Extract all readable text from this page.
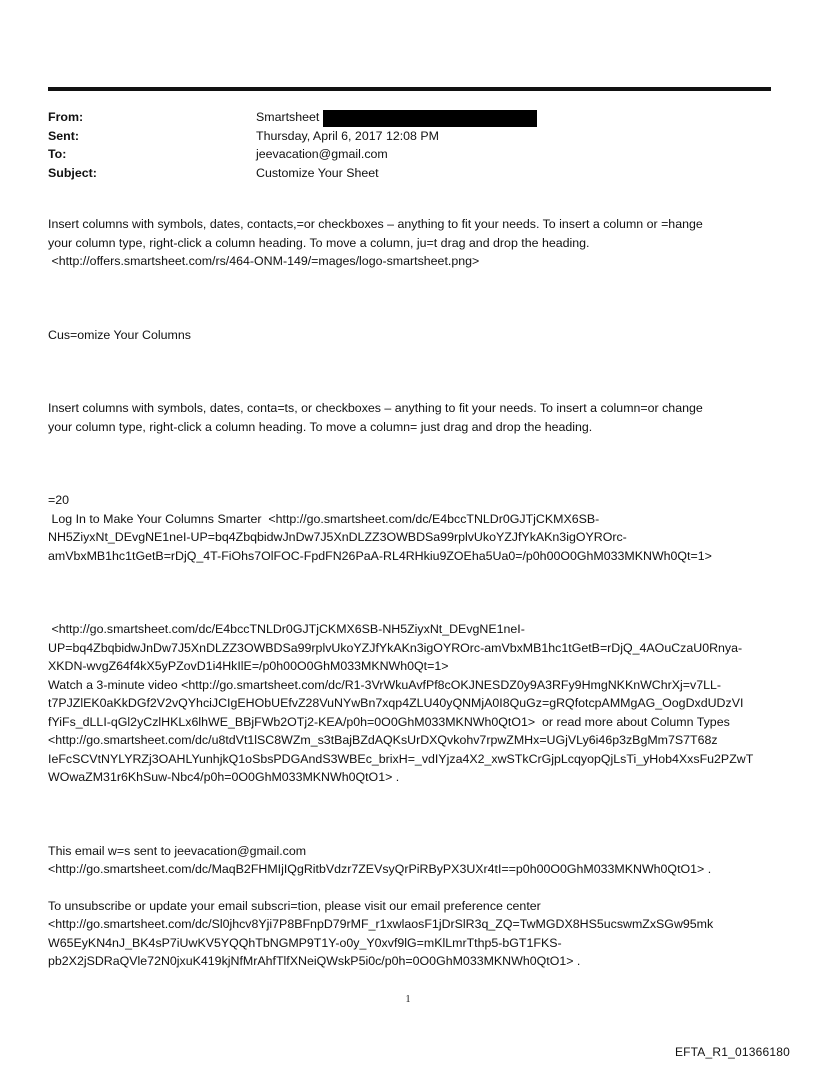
From:	Smartsheet
Sent:	Thursday, April 6, 2017 12:08 PM
To:	jeevacation@gmail.com
Subject:	Customize Your Sheet

Insert columns with symbols, dates, contacts,=or checkboxes – anything to fit your needs. To insert a column or =hange

your column type, right-click a column heading. To move a column, ju=t drag and drop the heading.

<http://offers.smartsheet.com/rs/464-ONM-149/=mages/logo-smartsheet.png>

Cus=omize Your Columns

Insert columns with symbols, dates, conta=ts, or checkboxes – anything to fit your needs. To insert a column=or change

your column type, right-click a column heading. To move a column= just drag and drop the heading.

=20

Log In to Make Your Columns Smarter  <http://go.smartsheet.com/dc/E4bccTNLDr0GJTjCKMX6SB-

NH5ZiyxNt_DEvgNE1neI-UP=bq4ZbqbidwJnDw7J5XnDLZZ3OWBDSa99rplvUkoYZJfYkAKn3igOYROrc-

amVbxMB1hc1tGetB=rDjQ_4T-FiOhs7OlFOC-FpdFN26PaA-RL4RHkiu9ZOEha5Ua0=/p0h00O0GhM033MKNWh0Qt=1>

<http://go.smartsheet.com/dc/E4bccTNLDr0GJTjCKMX6SB-NH5ZiyxNt_DEvgNE1neI-

UP=bq4ZbqbidwJnDw7J5XnDLZZ3OWBDSa99rplvUkoYZJfYkAKn3igOYROrc-amVbxMB1hc1tGetB=rDjQ_4AOuCzaU0Rnya-

XKDN-wvgZ64f4kX5yPZovD1i4HkIlE=/p0h00O0GhM033MKNWh0Qt=1>

Watch a 3-minute video <http://go.smartsheet.com/dc/R1-3VrWkuAvfPf8cOKJNESDZ0y9A3RFy9HmgNKKnWChrXj=v7LL-

t7PJZlEK0aKkDGf2V2vQYhciJCIgEHObUEfvZ28VuNYwBn7xqp4ZLU40yQNMjA0I8QuGz=gRQfotcpAMMgAG_OogDxdUDzVI

fYiFs_dLLI-qGl2yCzlHKLx6lhWE_BBjFWb2OTj2-KEA/p0h=0O0GhM033MKNWh0QtO1>  or read more about Column Types

<http://go.smartsheet.com/dc/u8tdVt1lSC8WZm_s3tBajBZdAQKsUrDXQvkohv7rpwZMHx=UGjVLy6i46p3zBgMm7S7T68z

IeFcSCVtNYLYRZj3OAHLYunhjkQ1oSbsPDGAndS3WBEc_brixH=_vdIYjza4X2_xwSTkCrGjpLcqyopQjLsTi_yHob4XxsFu2PZwT

WOwaZM31r6KhSuw-Nbc4/p0h=0O0GhM033MKNWh0QtO1> .

This email w=s sent to jeevacation@gmail.com

<http://go.smartsheet.com/dc/MaqB2FHMIjIQgRitbVdzr7ZEVsyQrPiRByPX3UXr4tI==p0h00O0GhM033MKNWh0QtO1> .

To unsubscribe or update your email subscri=tion, please visit our email preference center

<http://go.smartsheet.com/dc/Sl0jhcv8Yji7P8BFnpD79rMF_r1xwlaosF1jDrSlR3q_ZQ=TwMGDX8HS5ucswmZxSGw95mk

W65EyKN4nJ_BK4sP7iUwKV5YQQhTbNGMP9T1Y-o0y_Y0xvf9lG=mKlLmrTthp5-bGT1FKS-

pb2X2jSDRaQVle72N0jxuK419kjNfMrAhfTlfXNeiQWskP5i0c/p0h=0O0GhM033MKNWh0QtO1> .

1
EFTA_R1_01366180
